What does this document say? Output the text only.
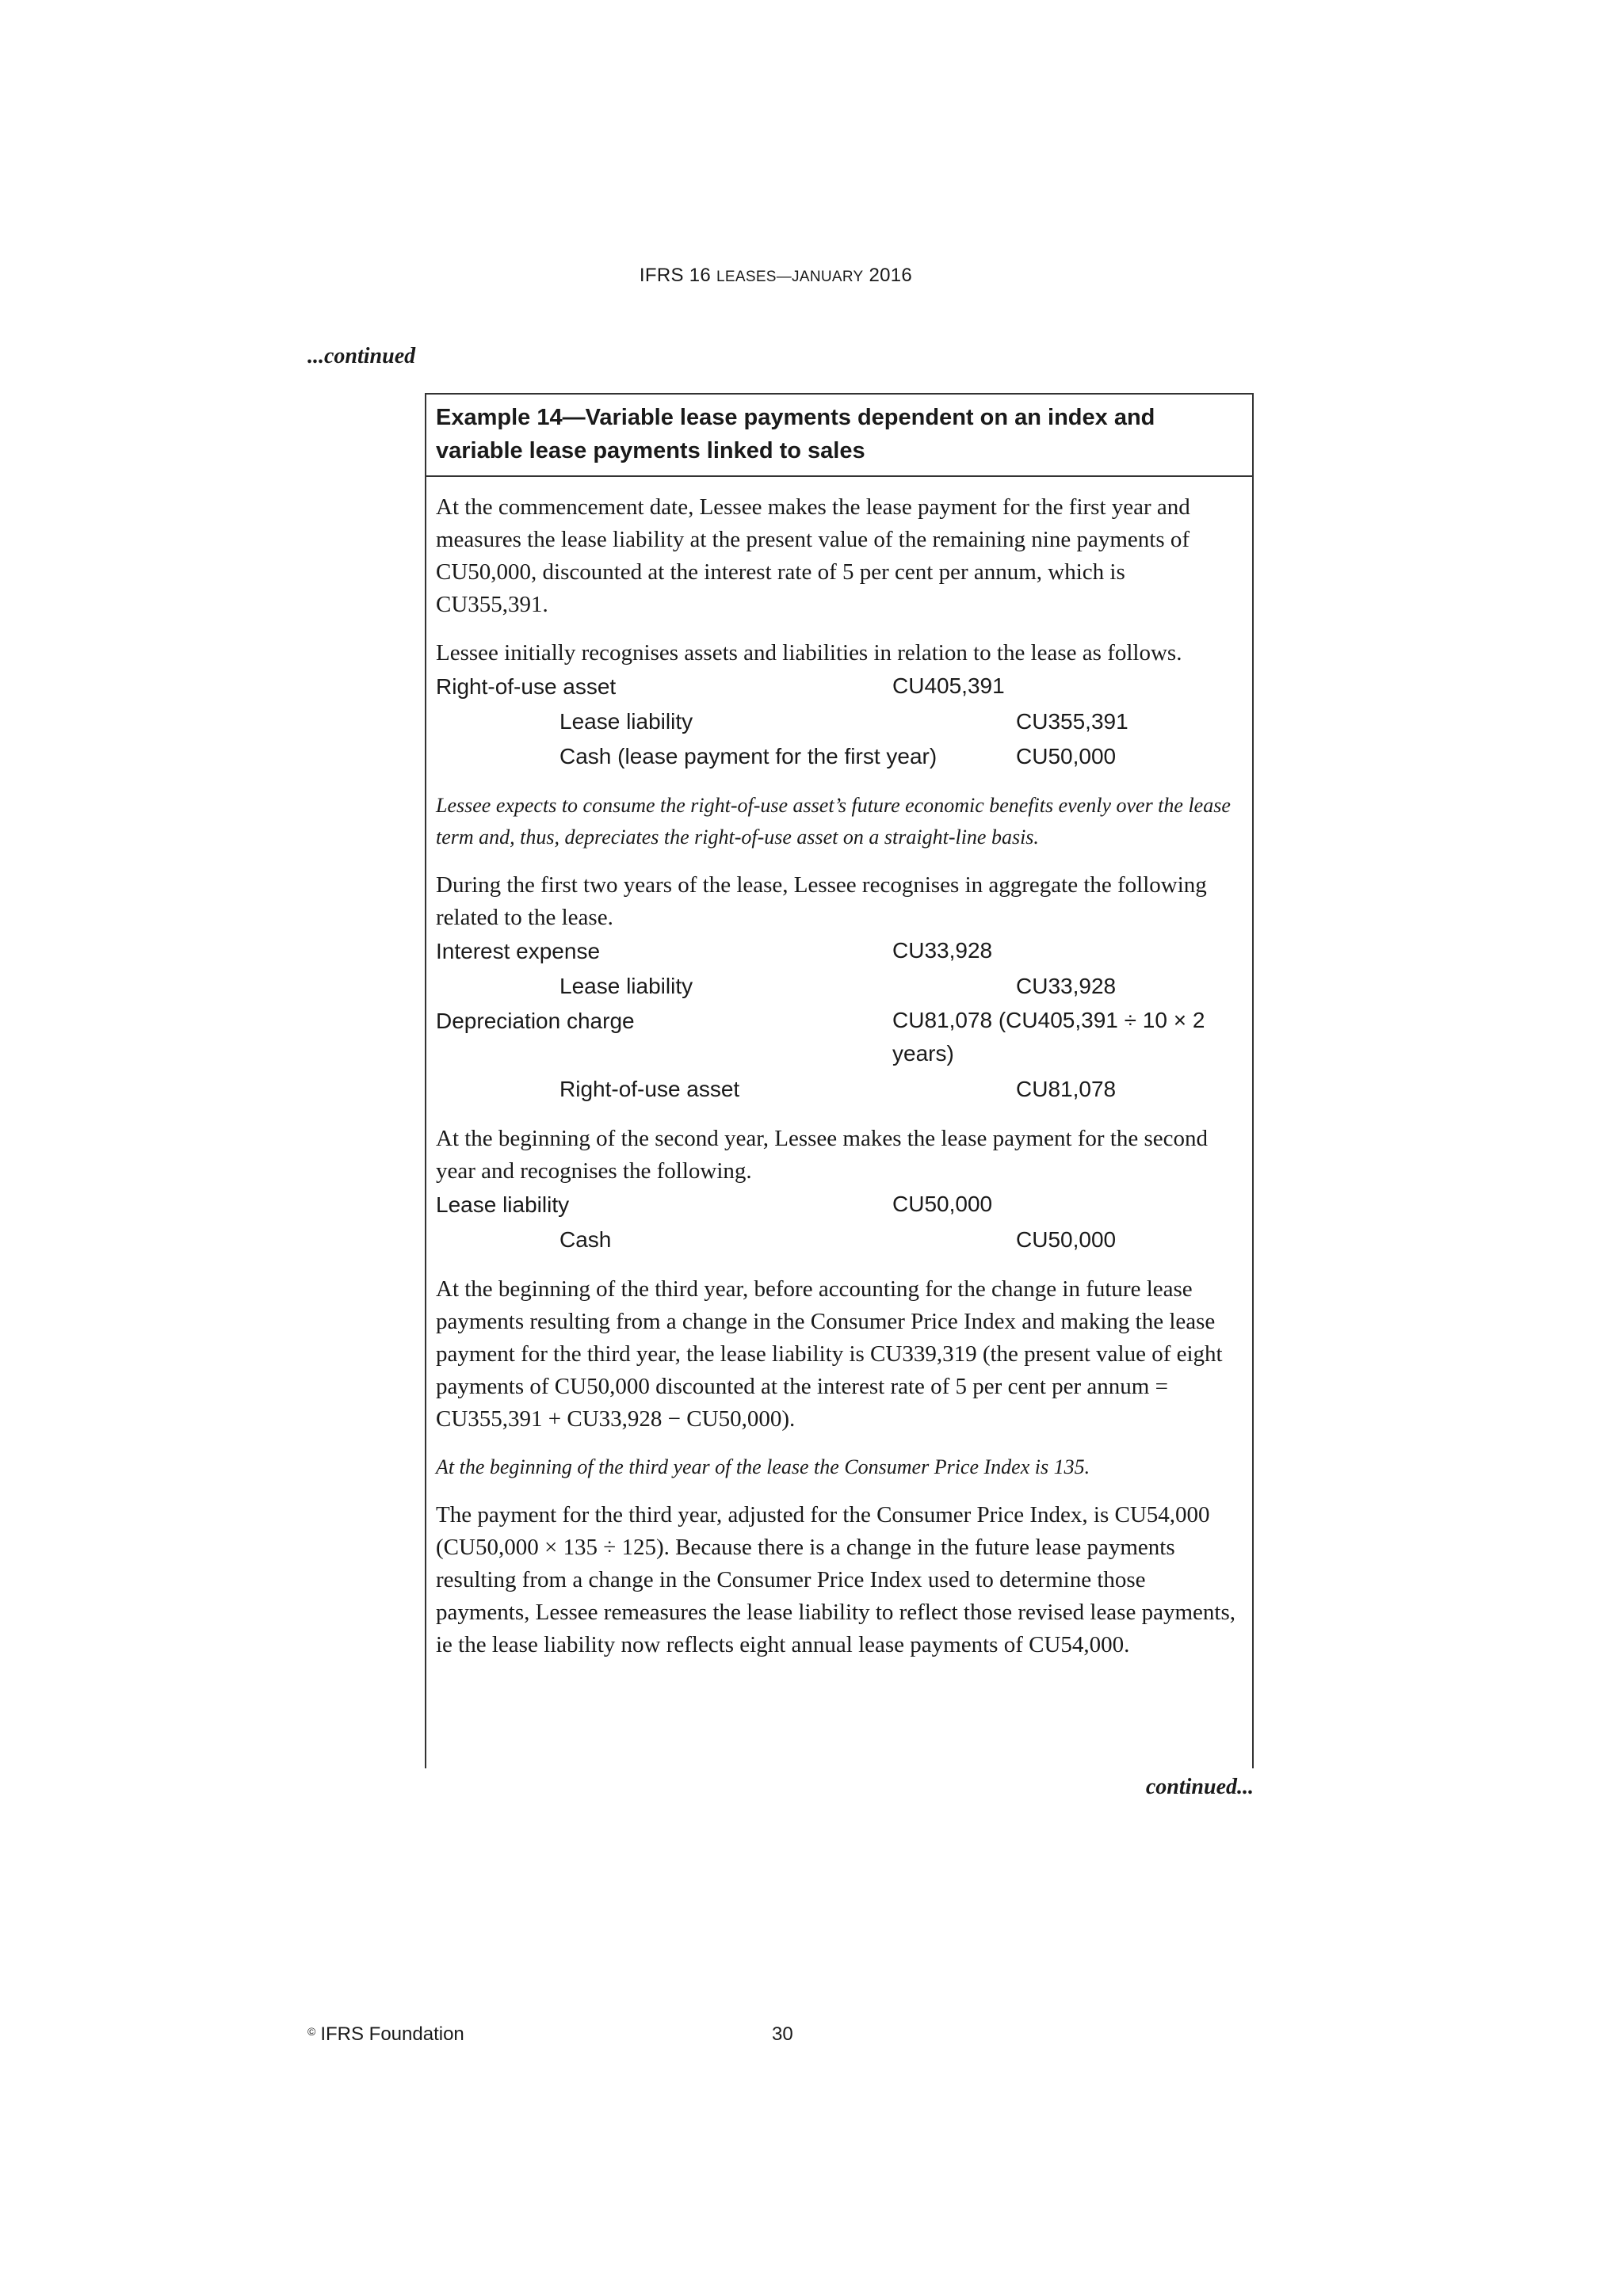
IFRS 16 LEASES—JANUARY 2016
...continued
Example 14—Variable lease payments dependent on an index and
variable lease payments linked to sales

At the commencement date, Lessee makes the lease payment for the first year and measures the lease liability at the present value of the remaining nine payments of CU50,000, discounted at the interest rate of 5 per cent per annum, which is CU355,391.

Lessee initially recognises assets and liabilities in relation to the lease as follows.

Right-of-use asset	CU405,391
Lease liability	CU355,391
Cash (lease payment for the first year)	CU50,000

Lessee expects to consume the right-of-use asset’s future economic benefits evenly over the lease term and, thus, depreciates the right-of-use asset on a straight-line basis.

During the first two years of the lease, Lessee recognises in aggregate the following related to the lease.

Interest expense	CU33,928
Lease liability	CU33,928
Depreciation charge	CU81,078 (CU405,391 ÷ 10 × 2 years)
Right-of-use asset	CU81,078

At the beginning of the second year, Lessee makes the lease payment for the second year and recognises the following.

Lease liability	CU50,000
Cash	CU50,000

At the beginning of the third year, before accounting for the change in future lease payments resulting from a change in the Consumer Price Index and making the lease payment for the third year, the lease liability is CU339,319 (the present value of eight payments of CU50,000 discounted at the interest rate of 5 per cent per annum = CU355,391 + CU33,928 − CU50,000).

At the beginning of the third year of the lease the Consumer Price Index is 135.

The payment for the third year, adjusted for the Consumer Price Index, is CU54,000 (CU50,000 × 135 ÷ 125). Because there is a change in the future lease payments resulting from a change in the Consumer Price Index used to determine those payments, Lessee remeasures the lease liability to reflect those revised lease payments, ie the lease liability now reflects eight annual lease payments of CU54,000.

continued...
© IFRS Foundation	30
